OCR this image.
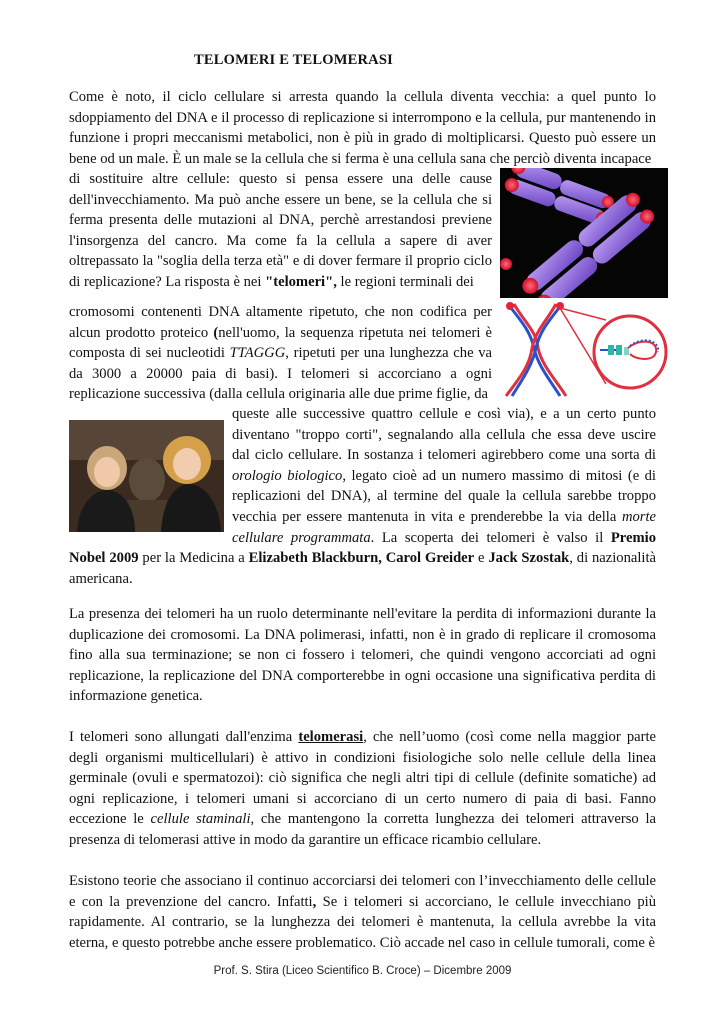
TELOMERI E TELOMERASI

Come è noto, il ciclo cellulare si arresta quando la cellula diventa vecchia: a quel punto lo sdoppiamento del DNA e il processo di replicazione si interrompono e la cellula, pur mantenendo in funzione i propri meccanismi metabolici, non è più in grado di moltiplicarsi. Questo può essere un bene od un male. È un male se la cellula che si ferma è una cellula sana che perciò diventa incapace

di sostituire altre cellule: questo si pensa essere una delle cause dell'invecchiamento. Ma può anche essere un bene, se la cellula che si ferma presenta delle mutazioni al DNA, perchè arrestandosi previene l'insorgenza del cancro. Ma come fa la cellula a sapere di aver oltrepassato la "soglia della terza età" e di dover fermare il proprio ciclo di replicazione? La risposta è nei "telomeri", le regioni terminali dei

cromosomi contenenti DNA altamente ripetuto, che non codifica per alcun prodotto proteico (nell'uomo, la sequenza ripetuta nei telomeri è composta di sei nucleotidi TTAGGG, ripetuti per una lunghezza che va da 3000 a 20000 paia di basi). I telomeri si accorciano a ogni replicazione successiva (dalla cellula originaria alle due prime figlie, da

queste alle successive quattro cellule e così via), e a un certo punto diventano "troppo corti", segnalando alla cellula che essa deve uscire dal ciclo cellulare. In sostanza i telomeri agirebbero come una sorta di orologio biologico, legato cioè ad un numero massimo di mitosi (e di replicazioni del DNA), al termine del quale la cellula sarebbe troppo vecchia per essere mantenuta in vita e prenderebbe la via della morte cellulare programmata. La scoperta dei telomeri è valso il Premio Nobel 2009 per la Medicina a Elizabeth Blackburn, Carol Greider e Jack Szostak, di nazionalità americana.

La presenza dei telomeri ha un ruolo determinante nell'evitare la perdita di informazioni durante la duplicazione dei cromosomi. La DNA polimerasi, infatti, non è in grado di replicare il cromosoma fino alla sua terminazione; se non ci fossero i telomeri, che quindi vengono accorciati ad ogni replicazione, la replicazione del DNA comporterebbe in ogni occasione una significativa perdita di informazione genetica.

I telomeri sono allungati dall'enzima telomerasi, che nell’uomo (così come nella maggior parte degli organismi multicellulari) è attivo in condizioni fisiologiche solo nelle cellule della linea germinale (ovuli e spermatozoi): ciò significa che negli altri tipi di cellule (definite somatiche) ad ogni replicazione, i telomeri umani si accorciano di un certo numero di paia di basi. Fanno eccezione le cellule staminali, che mantengono la corretta lunghezza dei telomeri attraverso la presenza di telomerasi attive in modo da garantire un efficace ricambio cellulare.

Esistono teorie che associano il continuo accorciarsi dei telomeri con l’invecchiamento delle cellule e con la prevenzione del cancro. Infatti, Se i telomeri si accorciano, le cellule invecchiano più rapidamente. Al contrario, se la lunghezza dei telomeri è mantenuta, la cellula avrebbe la vita eterna, e questo potrebbe anche essere problematico. Ciò accade nel caso in cellule tumorali, come è

Prof. S. Stira (Liceo Scientifico B. Croce) – Dicembre 2009
